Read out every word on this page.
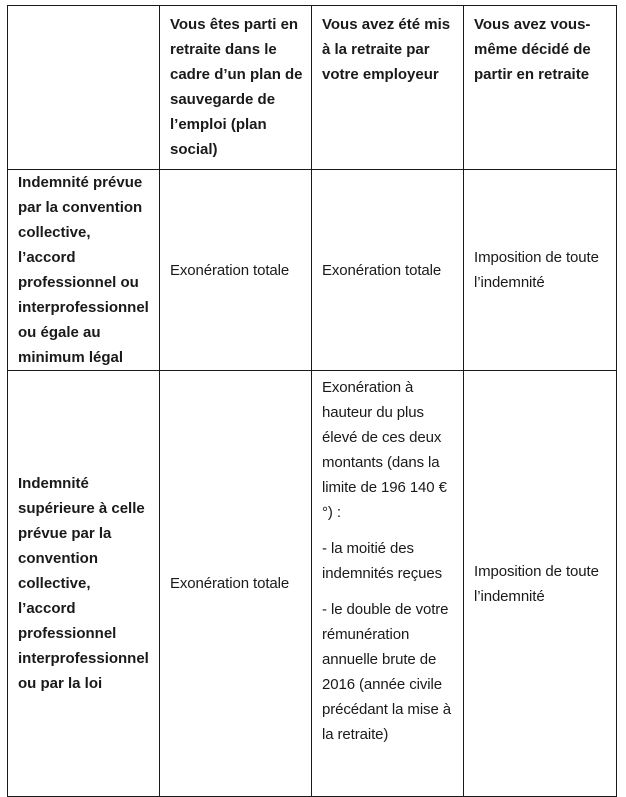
	Vous êtes parti en retraite dans le cadre d’un plan de sauvegarde de l’emploi (plan social)	Vous avez été mis à la retraite par votre employeur	Vous avez vous-même décidé de partir en retraite
Indemnité prévue par la convention collective, l’accord professionnel ou interprofessionnel ou égale au minimum légal	Exonération totale	Exonération totale	Imposition de toute l’indemnité
Indemnité supérieure à celle prévue par la convention collective, l’accord professionnel interprofessionnel ou par la loi	Exonération totale	Exonération à hauteur du plus élevé de ces deux montants (dans la limite de 196 140 €°) :

- la moitié des indemnités reçues

- le double de votre rémunération annuelle brute de 2016 (année civile précédant la mise à la retraite)	Imposition de toute l’indemnité
